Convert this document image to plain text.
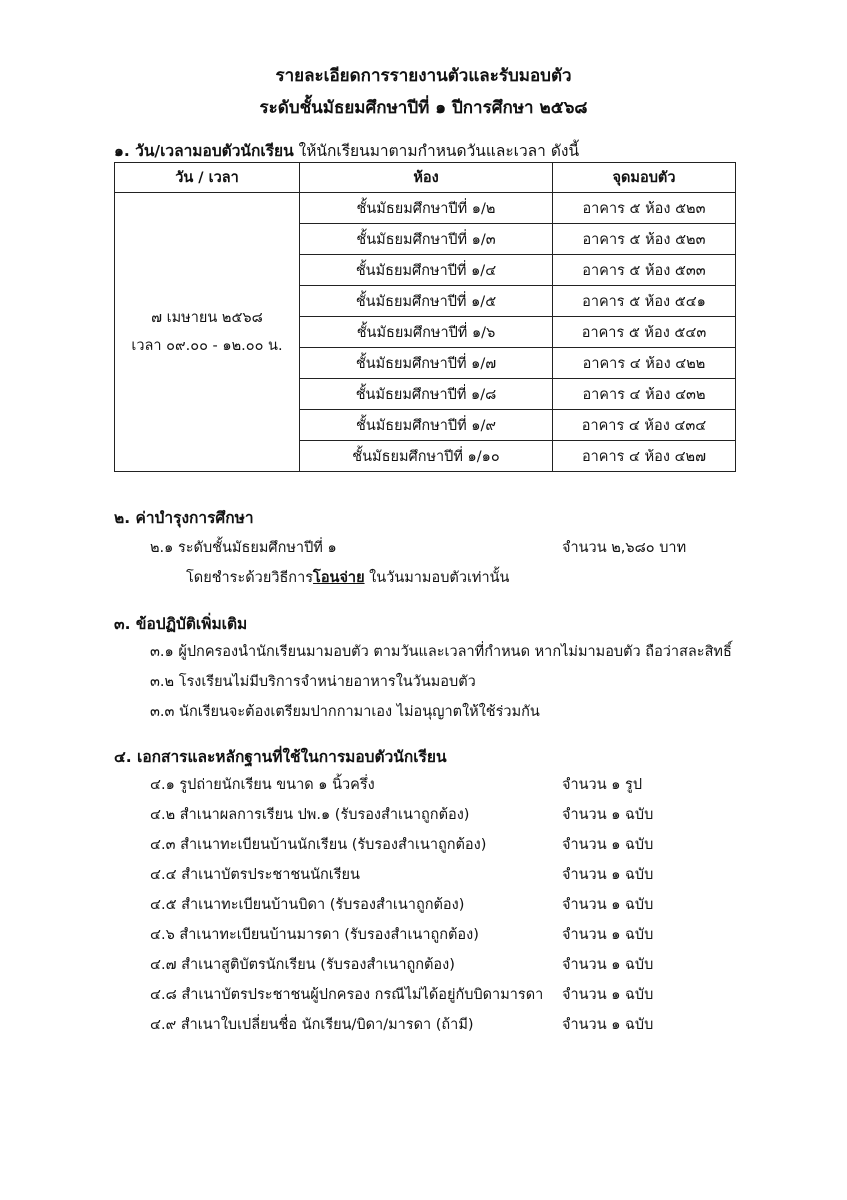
รายละเอียดการรายงานตัวและรับมอบตัว
ระดับชั้นมัธยมศึกษาปีที่ ๑ ปีการศึกษา ๒๕๖๘
๑. วัน/เวลามอบตัวนักเรียน ให้นักเรียนมาตามกำหนดวันและเวลา ดังนี้
วัน / เวลา	ห้อง	จุดมอบตัว

๗ เมษายน ๒๕๖๘
เวลา ๐๙.๐๐ - ๑๒.๐๐ น.	ชั้นมัธยมศึกษาปีที่ ๑/๒	อาคาร ๕ ห้อง ๕๒๓
	ชั้นมัธยมศึกษาปีที่ ๑/๓	อาคาร ๕ ห้อง ๕๒๓
	ชั้นมัธยมศึกษาปีที่ ๑/๔	อาคาร ๕ ห้อง ๕๓๓
	ชั้นมัธยมศึกษาปีที่ ๑/๕	อาคาร ๕ ห้อง ๕๔๑
	ชั้นมัธยมศึกษาปีที่ ๑/๖	อาคาร ๕ ห้อง ๕๔๓
	ชั้นมัธยมศึกษาปีที่ ๑/๗	อาคาร ๔ ห้อง ๔๒๒
	ชั้นมัธยมศึกษาปีที่ ๑/๘	อาคาร ๔ ห้อง ๔๓๒
	ชั้นมัธยมศึกษาปีที่ ๑/๙	อาคาร ๔ ห้อง ๔๓๔
	ชั้นมัธยมศึกษาปีที่ ๑/๑๐	อาคาร ๔ ห้อง ๔๒๗
๒. ค่าบำรุงการศึกษา
๒.๑ ระดับชั้นมัธยมศึกษาปีที่ ๑	จำนวน ๒,๖๘๐ บาท
โดยชำระด้วยวิธีการโอนจ่าย ในวันมามอบตัวเท่านั้น
๓. ข้อปฏิบัติเพิ่มเติม
๓.๑ ผู้ปกครองนำนักเรียนมามอบตัว ตามวันและเวลาที่กำหนด หากไม่มามอบตัว ถือว่าสละสิทธิ์
๓.๒ โรงเรียนไม่มีบริการจำหน่ายอาหารในวันมอบตัว
๓.๓ นักเรียนจะต้องเตรียมปากกามาเอง ไม่อนุญาตให้ใช้ร่วมกัน
๔. เอกสารและหลักฐานที่ใช้ในการมอบตัวนักเรียน
๔.๑ รูปถ่ายนักเรียน ขนาด ๑ นิ้วครึ่ง	จำนวน ๑ รูป
๔.๒ สำเนาผลการเรียน ปพ.๑ (รับรองสำเนาถูกต้อง)	จำนวน ๑ ฉบับ
๔.๓ สำเนาทะเบียนบ้านนักเรียน (รับรองสำเนาถูกต้อง)	จำนวน ๑ ฉบับ
๔.๔ สำเนาบัตรประชาชนนักเรียน	จำนวน ๑ ฉบับ
๔.๕ สำเนาทะเบียนบ้านบิดา (รับรองสำเนาถูกต้อง)	จำนวน ๑ ฉบับ
๔.๖ สำเนาทะเบียนบ้านมารดา (รับรองสำเนาถูกต้อง)	จำนวน ๑ ฉบับ
๔.๗ สำเนาสูติบัตรนักเรียน (รับรองสำเนาถูกต้อง)	จำนวน ๑ ฉบับ
๔.๘ สำเนาบัตรประชาชนผู้ปกครอง กรณีไม่ได้อยู่กับบิดามารดา จำนวน ๑ ฉบับ
๔.๙ สำเนาใบเปลี่ยนชื่อ นักเรียน/บิดา/มารดา (ถ้ามี)	จำนวน ๑ ฉบับ
